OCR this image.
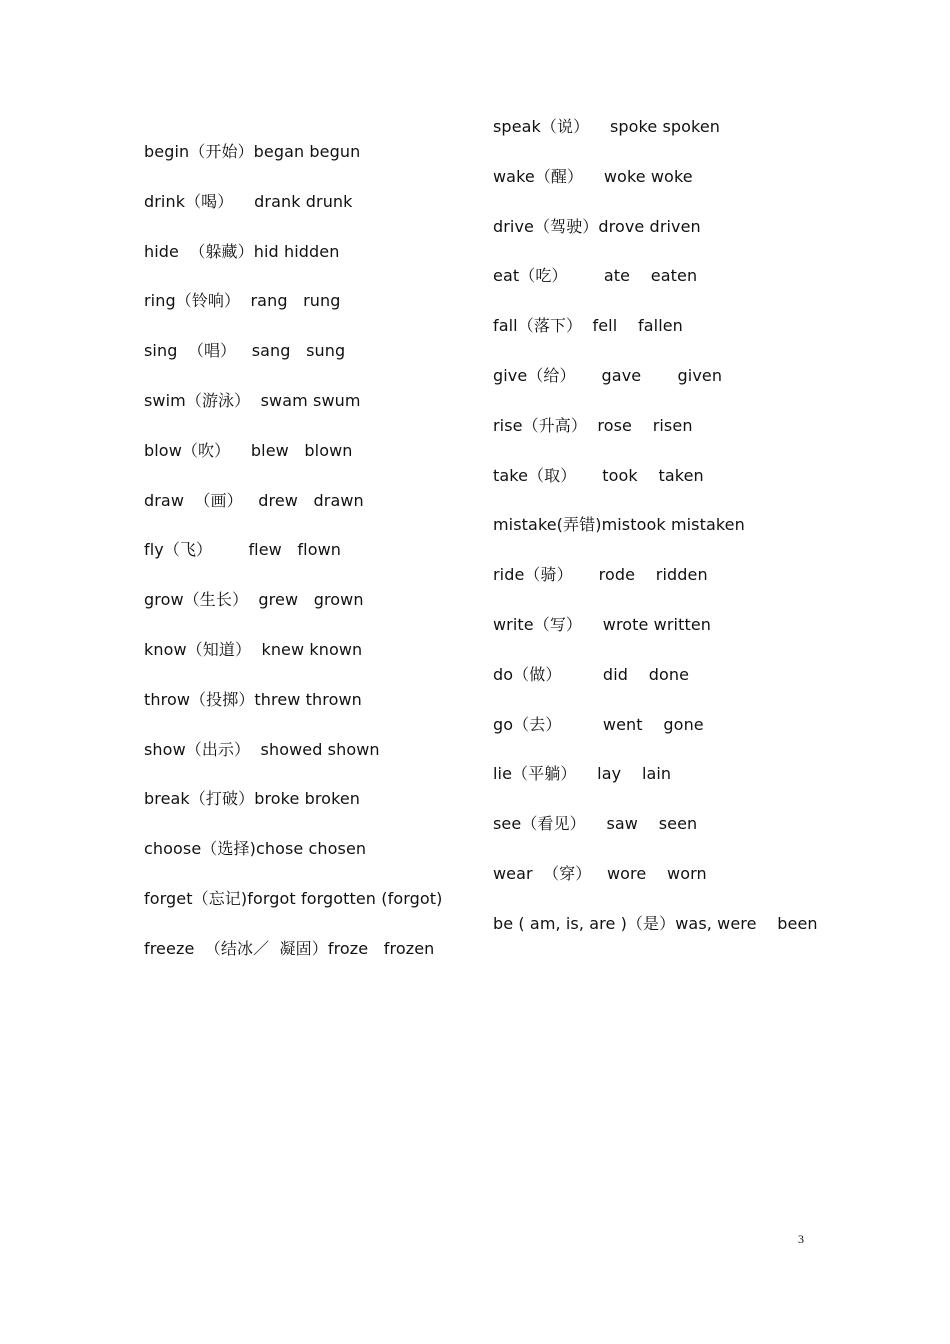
begin（开始）began begun
drink（喝）    drank drunk
hide  （躲藏）hid hidden
ring（铃响）  rang   rung
sing  （唱）   sang   sung
swim（游泳）  swam swum
blow（吹）    blew   blown
draw  （画）   drew   drawn
fly（飞）       flew   flown
grow（生长）  grew   grown
know（知道）  knew known
throw（投掷）threw thrown
show（出示）  showed shown
break（打破）broke broken
choose（选择)chose chosen
forget（忘记)forgot forgotten (forgot)
freeze  （结冰／  凝固）froze   frozen
speak（说）    spoke spoken
wake（醒）    woke woke
drive（驾驶）drove driven
eat（吃）       ate    eaten
fall（落下）  fell    fallen
give（给）     gave       given
rise（升高）  rose    risen
take（取）     took    taken
mistake(弄错)mistook mistaken
ride（骑）     rode    ridden
write（写）    wrote written
do（做）        did    done
go（去）        went    gone
lie（平躺）    lay    lain
see（看见）    saw    seen
wear  （穿）   wore    worn
be ( am, is, are )（是）was, were    been
3
